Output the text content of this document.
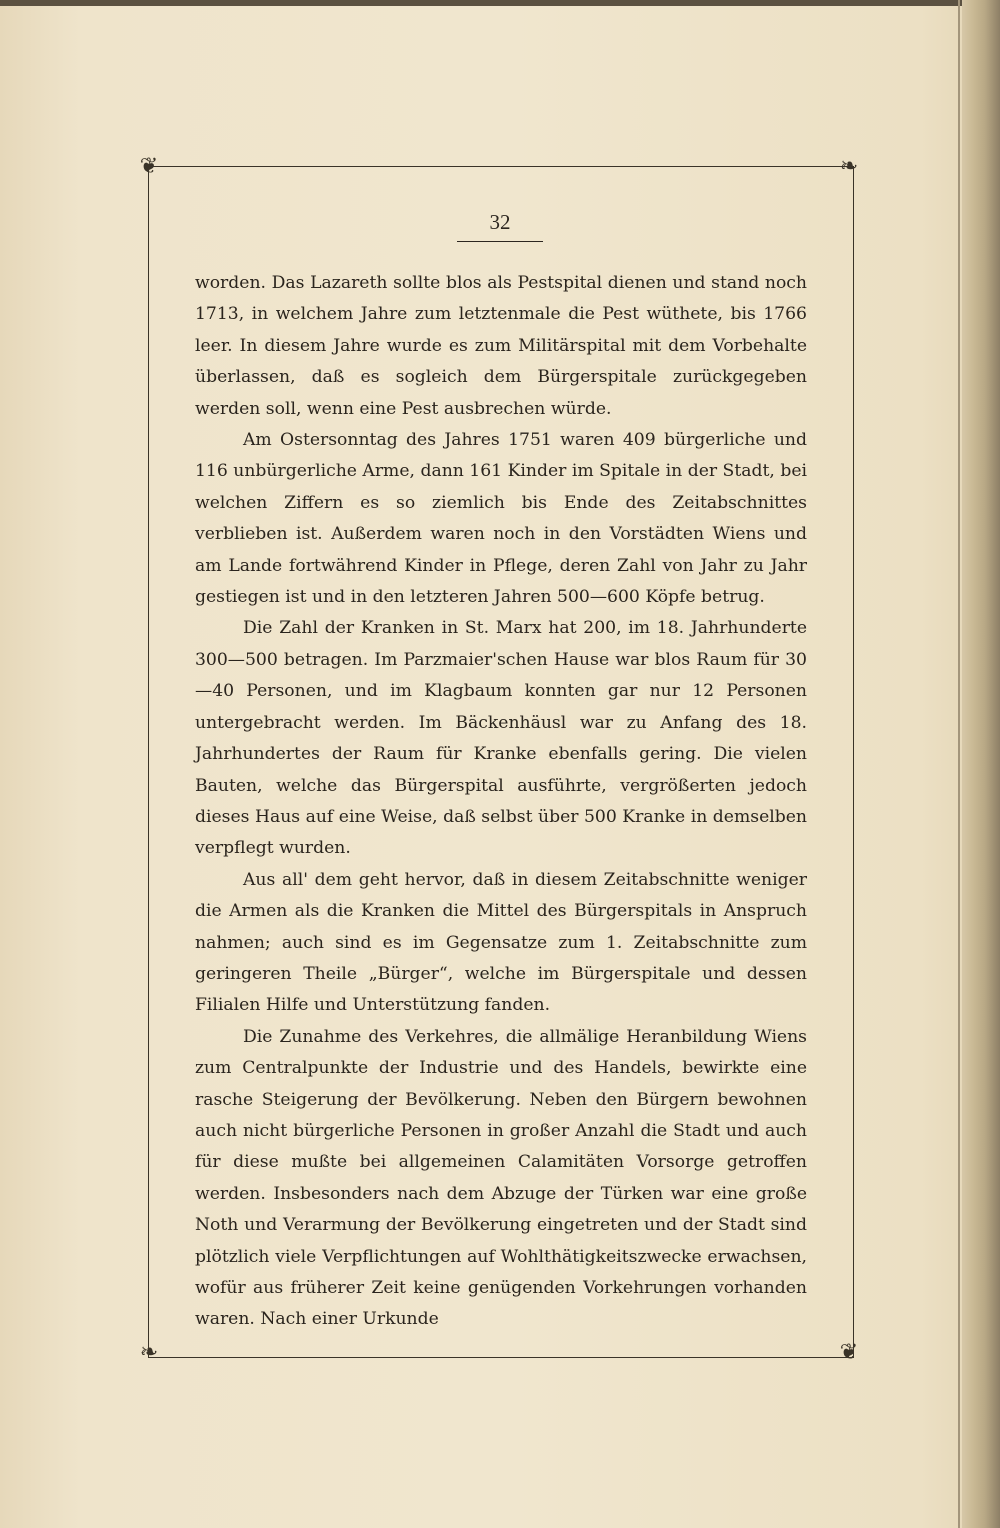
❦	❧
❧	❦
32

worden. Das Lazareth sollte blos als Pestspital dienen und stand noch 1713, in welchem Jahre zum letztenmale die Pest wüthete, bis 1766 leer. In diesem Jahre wurde es zum Militärspital mit dem Vorbehalte überlassen, daß es sogleich dem Bürgerspitale zurückgegeben werden soll, wenn eine Pest ausbrechen würde.

Am Ostersonntag des Jahres 1751 waren 409 bürgerliche und 116 unbürgerliche Arme, dann 161 Kinder im Spitale in der Stadt, bei welchen Ziffern es so ziemlich bis Ende des Zeitabschnittes verblieben ist. Außerdem waren noch in den Vorstädten Wiens und am Lande fortwährend Kinder in Pflege, deren Zahl von Jahr zu Jahr gestiegen ist und in den letzteren Jahren 500—600 Köpfe betrug.

Die Zahl der Kranken in St. Marx hat 200, im 18. Jahrhunderte 300—500 betragen. Im Parzmaier'schen Hause war blos Raum für 30—40 Personen, und im Klagbaum konnten gar nur 12 Personen untergebracht werden. Im Bäckenhäusl war zu Anfang des 18. Jahrhundertes der Raum für Kranke ebenfalls gering. Die vielen Bauten, welche das Bürgerspital ausführte, vergrößerten jedoch dieses Haus auf eine Weise, daß selbst über 500 Kranke in demselben verpflegt wurden.

Aus all' dem geht hervor, daß in diesem Zeitabschnitte weniger die Armen als die Kranken die Mittel des Bürgerspitals in Anspruch nahmen; auch sind es im Gegensatze zum 1. Zeitabschnitte zum geringeren Theile „Bürger“, welche im Bürgerspitale und dessen Filialen Hilfe und Unterstützung fanden.

Die Zunahme des Verkehres, die allmälige Heranbildung Wiens zum Centralpunkte der Industrie und des Handels, bewirkte eine rasche Steigerung der Bevölkerung. Neben den Bürgern bewohnen auch nicht bürgerliche Personen in großer Anzahl die Stadt und auch für diese mußte bei allgemeinen Calamitäten Vorsorge getroffen werden. Insbesonders nach dem Abzuge der Türken war eine große Noth und Verarmung der Bevölkerung eingetreten und der Stadt sind plötzlich viele Verpflichtungen auf Wohlthätigkeitszwecke erwachsen, wofür aus früherer Zeit keine genügenden Vorkehrungen vorhanden waren. Nach einer Urkunde
